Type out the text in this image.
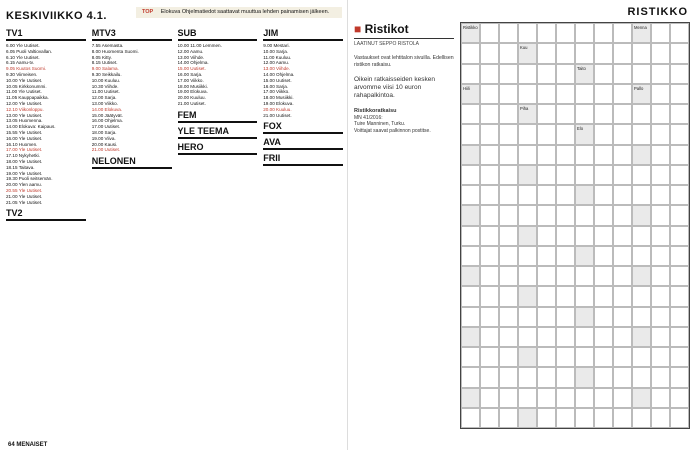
KESKIVIIKKO 4.1.	TOP Elokuva Ohjelmatiedot saattavat muuttua lehden painamisen jälkeen.
TV1
6.00 Yle Uutiset.
6.05 Puoli Valtiovallan.
6.10 Yle Uutiset.
6.15 Aamu-tv.
9.05 Kuutos Suomi.
9.30 Viimeisen.
10.00 Yle Uutiset.
10.05 Kirkkonummi.
11.00 Yle Uutiset.
11.05 Kauppapaikka.
12.00 Yle Uutiset.
12.10 Viikonloppu.
13.00 Yle Uutiset.
13.05 Huomenna.
14.00 Elokuva: Kaipaus.
15.55 Yle Uutiset.
16.00 Yle Uutiset.
16.10 Huomen.
17.00 Yle Uutiset.
17.10 Nykyhetki.
18.00 Yle Uutiset.
18.15 Taitava.
19.00 Yle Uutiset.
19.30 Puoli seitsemän.
20.00 Ylen aamu.
20.55 Yle Uutiset.
21.00 Yle Uutiset.
21.05 Yle Uutiset.
TV2
MTV3
7.55 Asemasta.
8.00 Huomenta Suomi.
8.05 Kitty.
8.15 Uutiset.
9.00 Salama.
9.30 Seikkailu.
10.00 Kuuluu.
10.30 Viihde.
11.00 Uutiset.
12.00 Sarja.
13.00 Viikko.
14.00 Elokuva.
15.00 Jäätyvät.
16.00 Ohjelma.
17.00 Uutiset.
18.00 Sarja.
19.00 Viiva.
20.00 Kausi.
21.00 Uutiset.
NELONEN
SUB
10.00 11.00 Lemmen.
12.00 Aamu.
13.00 Viihde.
14.00 Ohjelma.
15.00 Uutiset.
16.00 Sarja.
17.00 Viikko.
18.00 Musiikki.
19.00 Elokuva.
20.00 Kuuluu.
21.00 Uutiset.
FEM
YLE TEEMA
HERO
JIM
9.00 Mestari.
10.00 Sarja.
11.00 Kuuluu.
12.00 Aamu.
13.00 Viihde.
14.00 Ohjelma.
15.00 Uutiset.
16.00 Sarja.
17.00 Viikko.
18.00 Musiikki.
19.00 Elokuva.
20.00 Kuuluu.
21.00 Uutiset.
FOX
AVA
FRII
64 MENAISET
RISTIKKO
■ Ristikot
LAATINUT SEPPO RISTOLA
Vastaukset ovat lehtitalon sivuilla. Edellisen ristikon ratkaisu.
Oikein ratkaisseiden kesken arvomme viisi 10 euron rahapalkintoa.
Ristikkoratkaisu
MN 41/2016:
Tuire Manninen, Turku.
Voittajat saavat palkinnon postitse.
Ristikko	Menna
Kuu
Taito
Hiili	Pallo
Piha
Elo
